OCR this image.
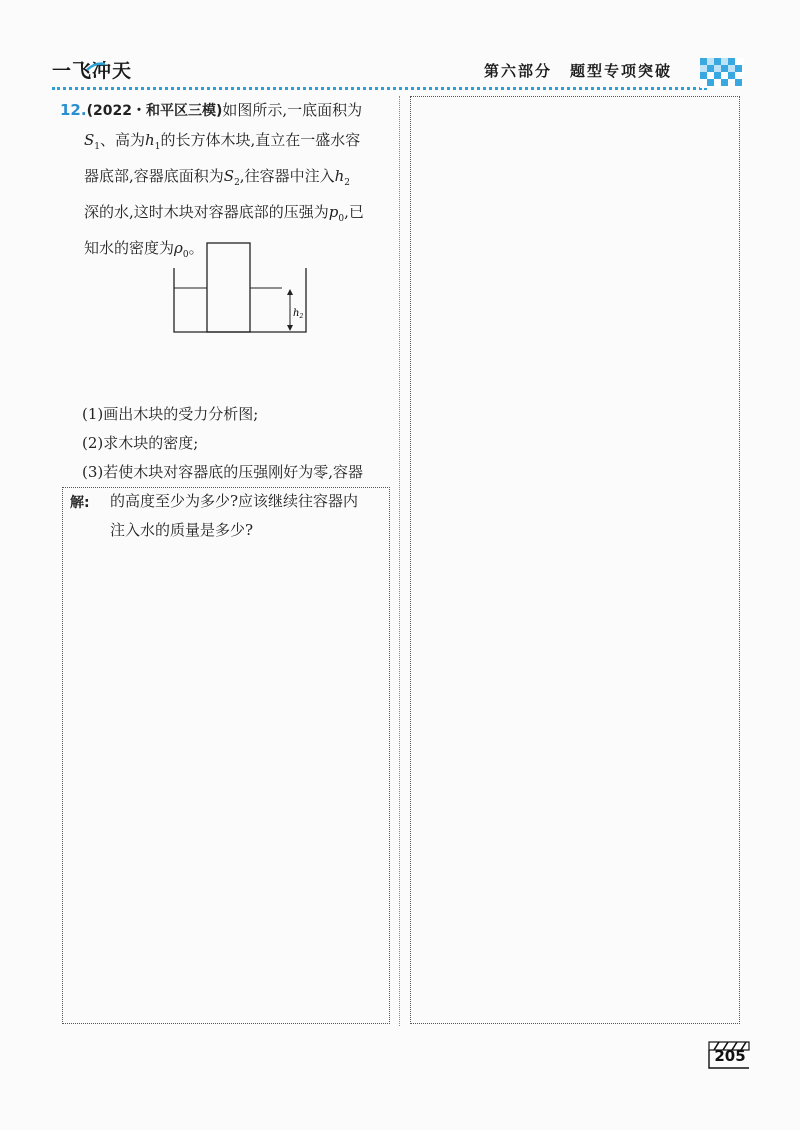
一飞冲天	第六部分 题型专项突破
12.(2022・和平区三模)如图所示,一底面积为
$S_1$、高为$h_1$的长方体木块,直立在一盛水容
器底部,容器底面积为$S_2$,往容器中注入$h_2$
深的水,这时木块对容器底部的压强为$p_0$,已
知水的密度为$\rho_0$。
(1)画出木块的受力分析图;
(2)求木块的密度;
(3)若使木块对容器底的压强刚好为零,容器
的高度至少为多少?应该继续往容器内
注入水的质量是多少?
$h_2$
解:
205
